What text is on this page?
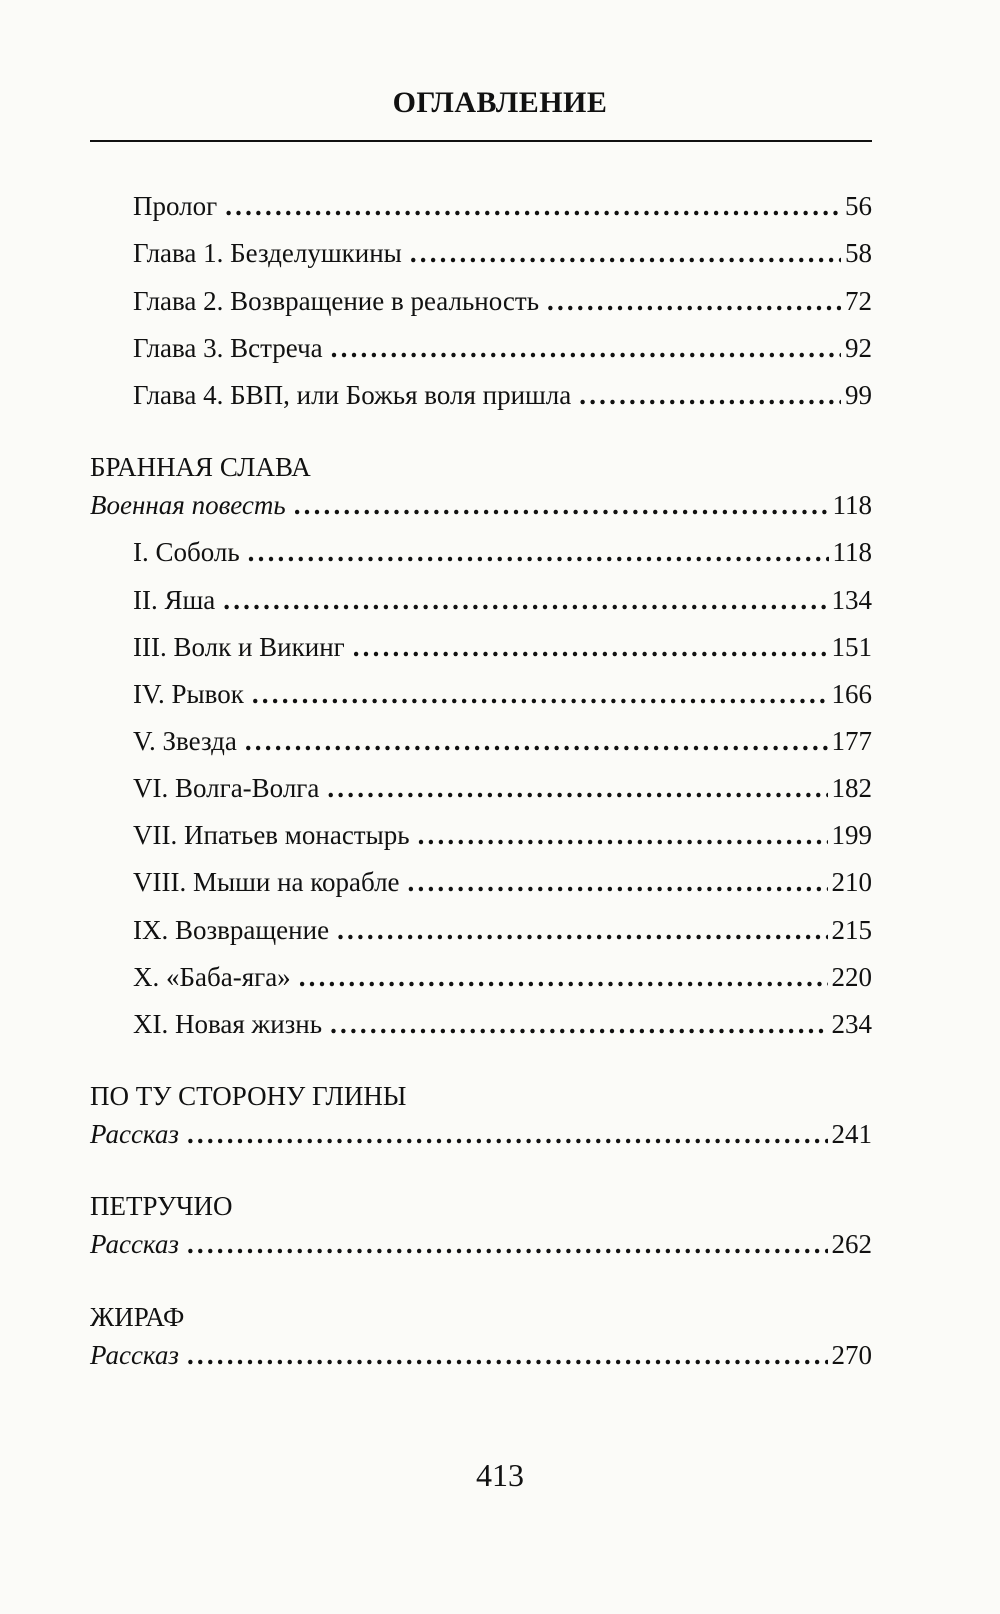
ОГЛАВЛЕНИЕ
Пролог .....	56
Глава 1. Безделушкины .....	58
Глава 2. Возвращение в реальность .....	72
Глава 3. Встреча .....	92
Глава 4. БВП, или Божья воля пришла .....	99
БРАННАЯ СЛАВА
Военная повесть .....	118
I. Соболь .....	118
II. Яша .....	134
III. Волк и Викинг .....	151
IV. Рывок .....	166
V. Звезда .....	177
VI. Волга-Волга .....	182
VII. Ипатьев монастырь .....	199
VIII. Мыши на корабле .....	210
IX. Возвращение .....	215
X. «Баба-яга» .....	220
XI. Новая жизнь .....	234
ПО ТУ СТОРОНУ ГЛИНЫ
Рассказ .....	241
ПЕТРУЧИО
Рассказ .....	262
ЖИРАФ
Рассказ .....	270
413
